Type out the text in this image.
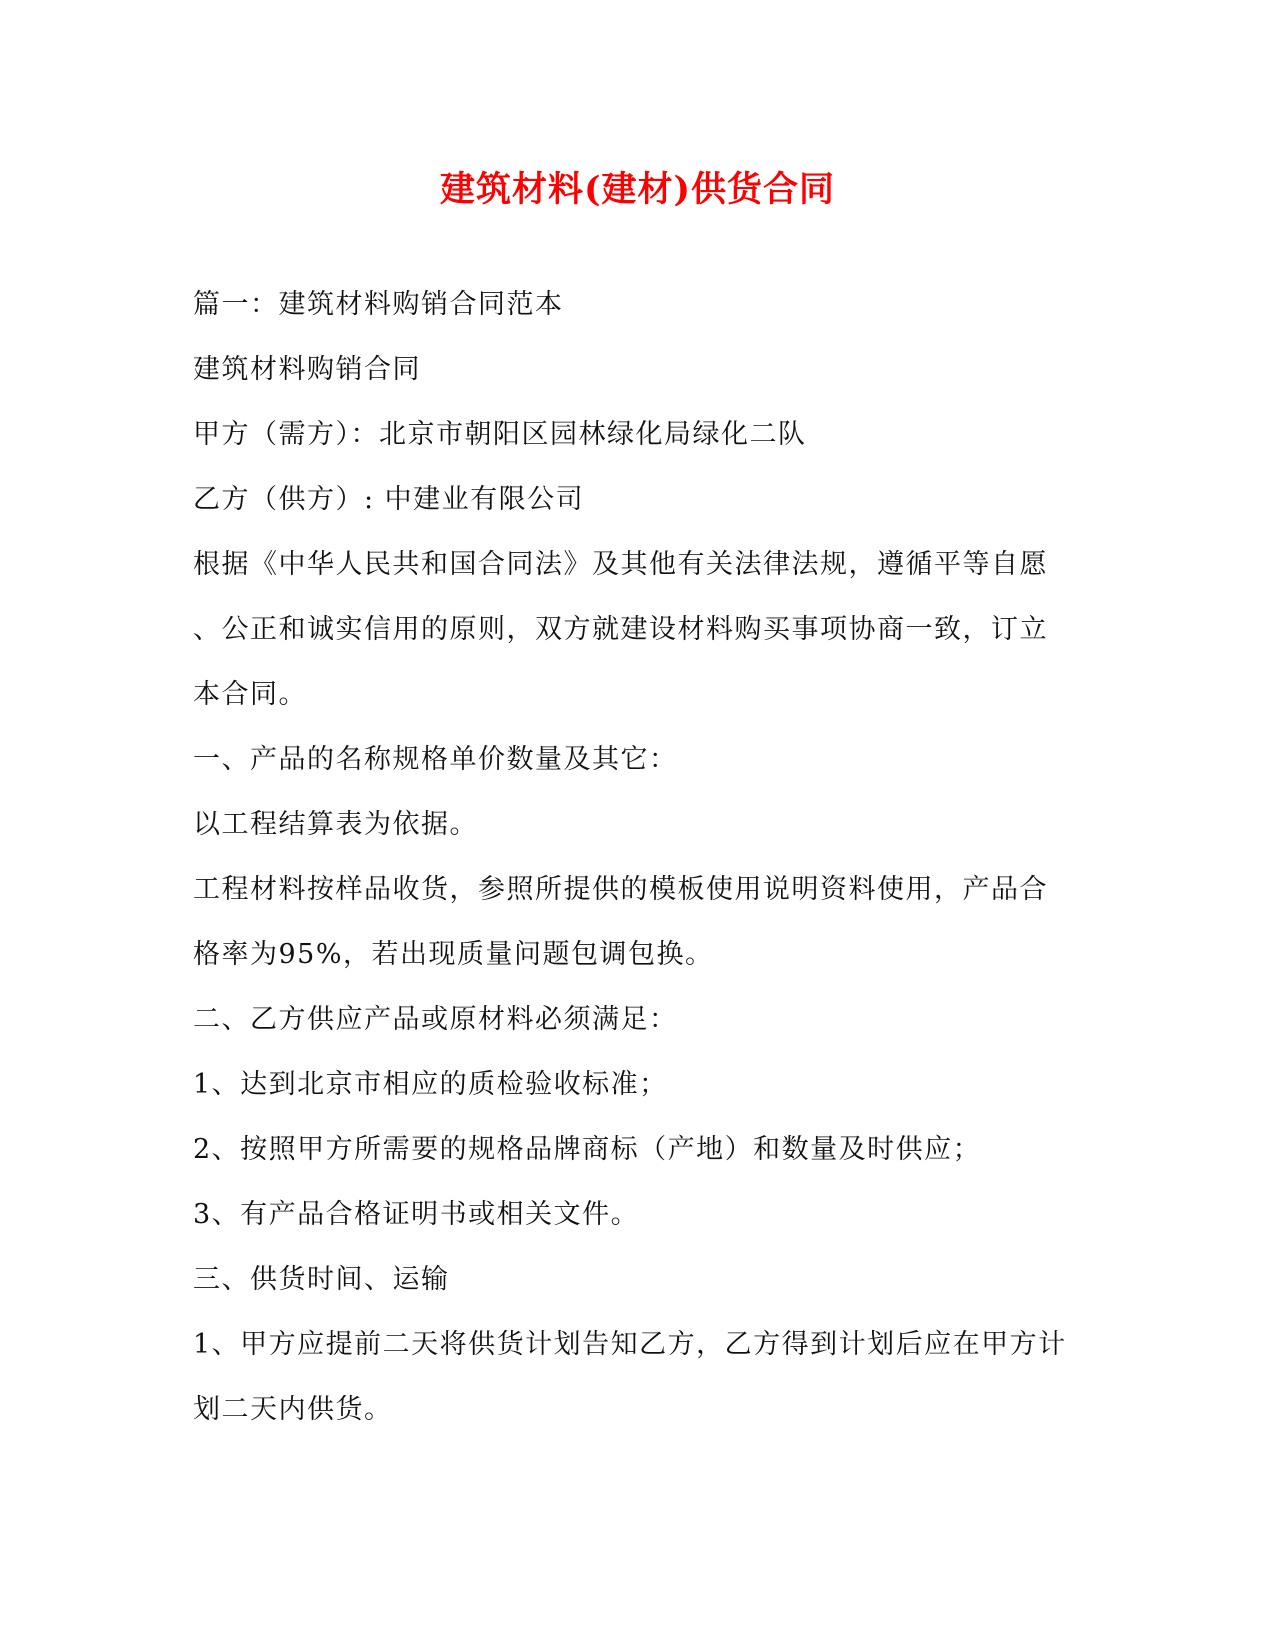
建筑材料(建材)供货合同
篇一：建筑材料购销合同范本
建筑材料购销合同
甲方（需方）：北京市朝阳区园林绿化局绿化二队
乙方（供方）: 中建业有限公司
根据《中华人民共和国合同法》及其他有关法律法规，遵循平等自愿
、公正和诚实信用的原则，双方就建设材料购买事项协商一致，订立
本合同。
一、产品的名称规格单价数量及其它：
以工程结算表为依据。
工程材料按样品收货，参照所提供的模板使用说明资料使用，产品合
格率为95%，若出现质量问题包调包换。
二、乙方供应产品或原材料必须满足：
1、达到北京市相应的质检验收标准；
2、按照甲方所需要的规格品牌商标（产地）和数量及时供应；
3、有产品合格证明书或相关文件。
三、供货时间、运输
1、甲方应提前二天将供货计划告知乙方，乙方得到计划后应在甲方计
划二天内供货。
